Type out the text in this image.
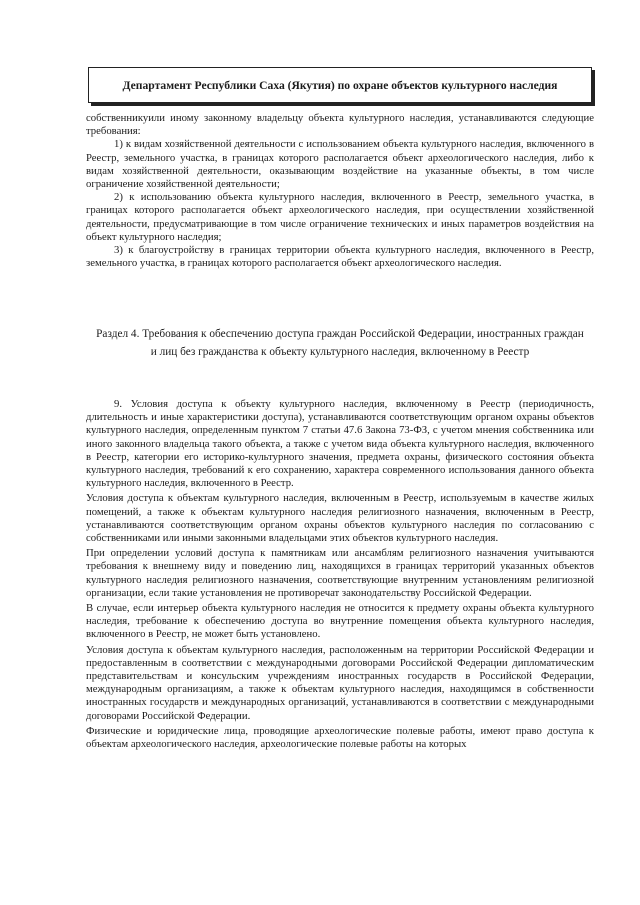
Департамент Республики Саха (Якутия) по охране объектов культурного наследия

собственникуили иному законному владельцу объекта культурного наследия, устанавливаются следующие требования:

1) к видам хозяйственной деятельности с использованием объекта культурного наследия, включенного в Реестр, земельного участка, в границах которого располагается объект археологического наследия, либо к видам хозяйственной деятельности, оказывающим воздействие на указанные объекты, в том числе ограничение хозяйственной деятельности;

2) к использованию объекта культурного наследия, включенного в Реестр, земельного участка, в границах которого располагается объект археологического наследия, при осуществлении хозяйственной деятельности, предусматривающие в том числе ограничение технических и иных параметров воздействия на объект культурного наследия;

3) к благоустройству в границах территории объекта культурного наследия, включенного в Реестр, земельного участка, в границах которого располагается объект археологического наследия.

Раздел 4. Требования к обеспечению доступа граждан Российской Федерации, иностранных граждан и лиц без гражданства к объекту культурного наследия, включенному в Реестр

9. Условия доступа к объекту культурного наследия, включенному в Реестр (периодичность, длительность и иные характеристики доступа), устанавливаются соответствующим органом охраны объектов культурного наследия, определенным пунктом 7 статьи 47.6 Закона 73-ФЗ, с учетом мнения собственника или иного законного владельца такого объекта, а также с учетом вида объекта культурного наследия, включенного в Реестр, категории его историко-культурного значения, предмета охраны, физического состояния объекта культурного наследия, требований к его сохранению, характера современного использования данного объекта культурного наследия, включенного в Реестр.

Условия доступа к объектам культурного наследия, включенным в Реестр, используемым в качестве жилых помещений, а также к объектам культурного наследия религиозного назначения, включенным в Реестр, устанавливаются соответствующим органом охраны объектов культурного наследия по согласованию с собственниками или иными законными владельцами этих объектов культурного наследия.

При определении условий доступа к памятникам или ансамблям религиозного назначения учитываются требования к внешнему виду и поведению лиц, находящихся в границах территорий указанных объектов культурного наследия религиозного назначения, соответствующие внутренним установлениям религиозной организации, если такие установления не противоречат законодательству Российской Федерации.

В случае, если интерьер объекта культурного наследия не относится к предмету охраны объекта культурного наследия, требование к обеспечению доступа во внутренние помещения объекта культурного наследия, включенного в Реестр, не может быть установлено.

Условия доступа к объектам культурного наследия, расположенным на территории Российской Федерации и предоставленным в соответствии с международными договорами Российской Федерации дипломатическим представительствам и консульским учреждениям иностранных государств в Российской Федерации, международным организациям, а также к объектам культурного наследия, находящимся в собственности иностранных государств и международных организаций, устанавливаются в соответствии с международными договорами Российской Федерации.

Физические и юридические лица, проводящие археологические полевые работы, имеют право доступа к объектам археологического наследия, археологические полевые работы на которых
